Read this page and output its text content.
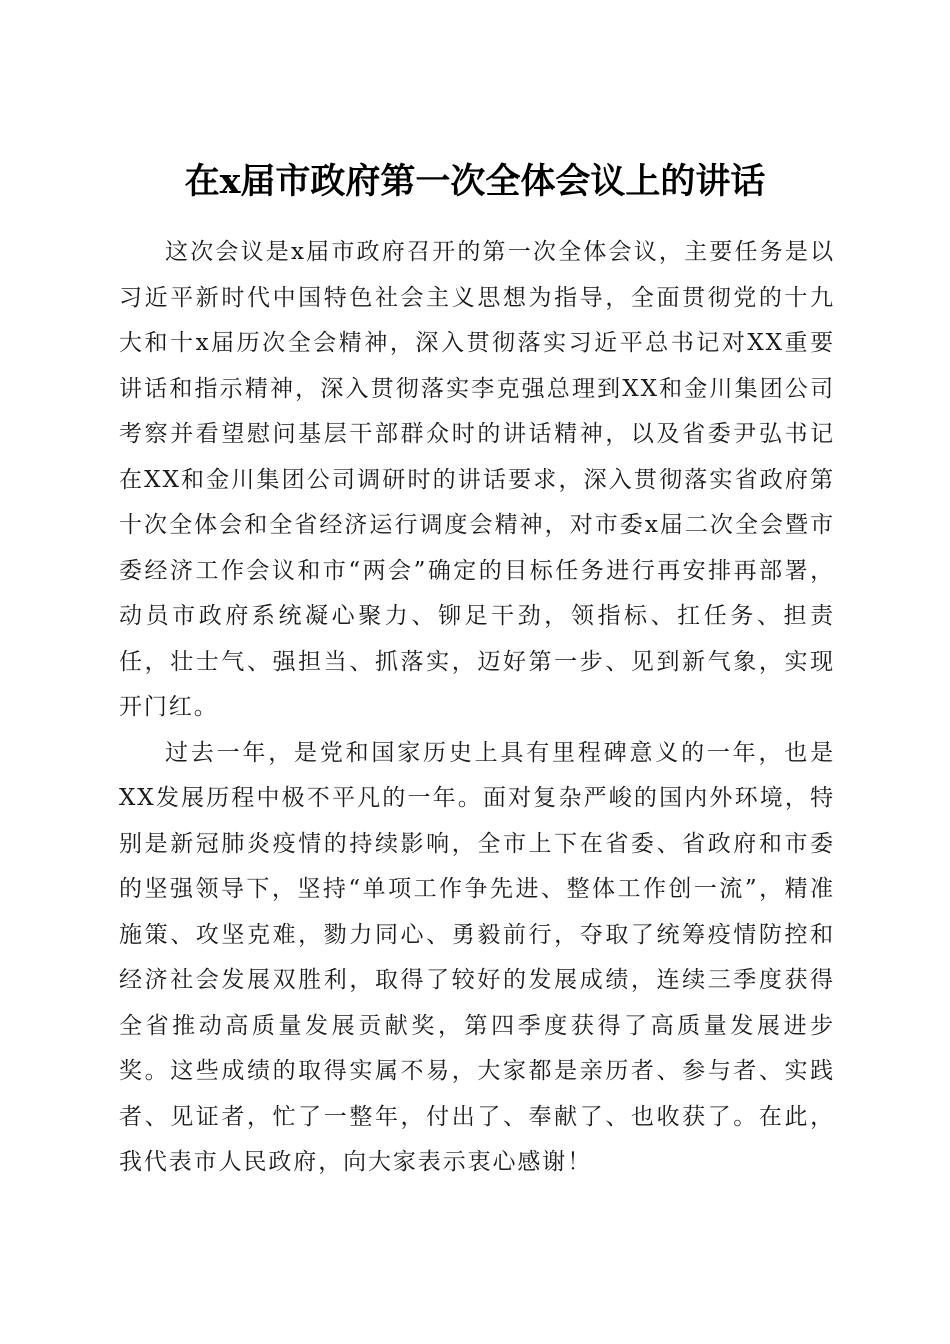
在x届市政府第一次全体会议上的讲话

这次会议是x届市政府召开的第一次全体会议，主要任务是以习近平新时代中国特色社会主义思想为指导，全面贯彻党的十九大和十x届历次全会精神，深入贯彻落实习近平总书记对XX重要讲话和指示精神，深入贯彻落实李克强总理到XX和金川集团公司考察并看望慰问基层干部群众时的讲话精神，以及省委尹弘书记在XX和金川集团公司调研时的讲话要求，深入贯彻落实省政府第十次全体会和全省经济运行调度会精神，对市委x届二次全会暨市委经济工作会议和市“两会”确定的目标任务进行再安排再部署，动员市政府系统凝心聚力、铆足干劲，领指标、扛任务、担责任，壮士气、强担当、抓落实，迈好第一步、见到新气象，实现开门红。

过去一年，是党和国家历史上具有里程碑意义的一年，也是XX发展历程中极不平凡的一年。面对复杂严峻的国内外环境，特别是新冠肺炎疫情的持续影响，全市上下在省委、省政府和市委的坚强领导下，坚持“单项工作争先进、整体工作创一流”，精准施策、攻坚克难，勠力同心、勇毅前行，夺取了统筹疫情防控和经济社会发展双胜利，取得了较好的发展成绩，连续三季度获得全省推动高质量发展贡献奖，第四季度获得了高质量发展进步奖。这些成绩的取得实属不易，大家都是亲历者、参与者、实践者、见证者，忙了一整年，付出了、奉献了、也收获了。在此，我代表市人民政府，向大家表示衷心感谢！
